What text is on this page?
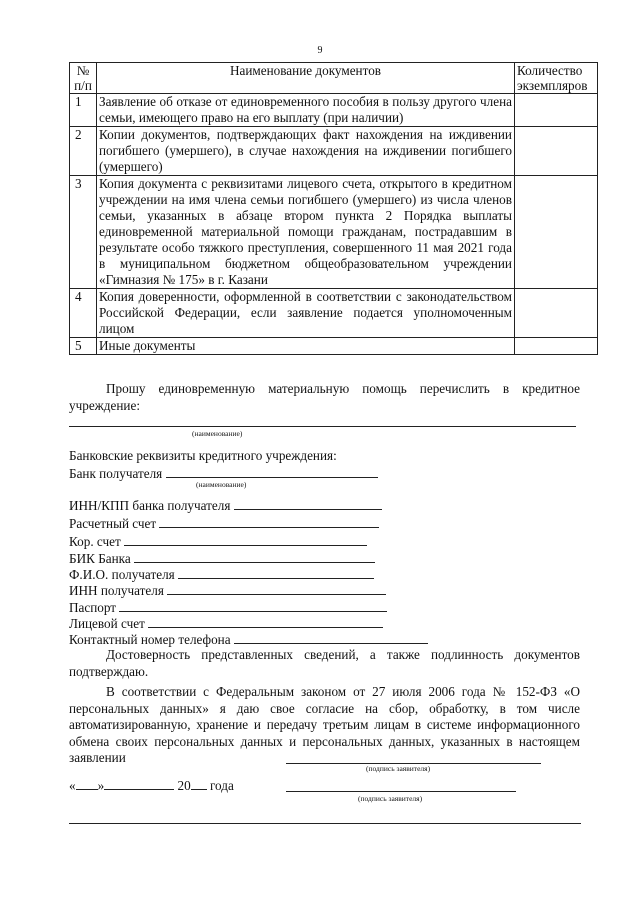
9
№ п/п	Наименование документов	Количество экземпляров
1	Заявление об отказе от единовременного пособия в пользу другого члена семьи, имеющего право на его выплату (при наличии)	
2	Копии документов, подтверждающих факт нахождения на иждивении погибшего (умершего), в случае нахождения на иждивении погибшего (умершего)	
3	Копия документа с реквизитами лицевого счета, открытого в кредитном учреждении на имя члена семьи погибшего (умершего) из числа членов семьи, указанных в абзаце втором пункта 2 Порядка выплаты единовременной материальной помощи гражданам, пострадавшим в результате особо тяжкого преступления, совершенного 11 мая 2021 года в муниципальном бюджетном общеобразовательном учреждении «Гимназия № 175» в г. Казани	
4	Копия доверенности, оформленной в соответствии с законодательством Российской Федерации, если заявление подается уполномоченным лицом	
5	Иные документы	
Прошу единовременную материальную помощь перечислить в кредитное учреждение:
(наименование)
Банковские реквизиты кредитного учреждения:
Банк получателя
(наименование)
ИНН/КПП банка получателя
Расчетный счет
Кор. счет
БИК Банка
Ф.И.О. получателя
ИНН получателя
Паспорт
Лицевой счет
Контактный номер телефона
Достоверность представленных сведений, а также подлинность документов подтверждаю.
В соответствии с Федеральным законом от 27 июля 2006 года № 152-ФЗ «О персональных данных» я даю свое согласие на сбор, обработку, в том числе автоматизированную, хранение и передачу третьим лицам в системе информационного обмена своих персональных данных и персональных данных, указанных в настоящем заявлении
(подпись заявителя)
« »	20 года
(подпись заявителя)
